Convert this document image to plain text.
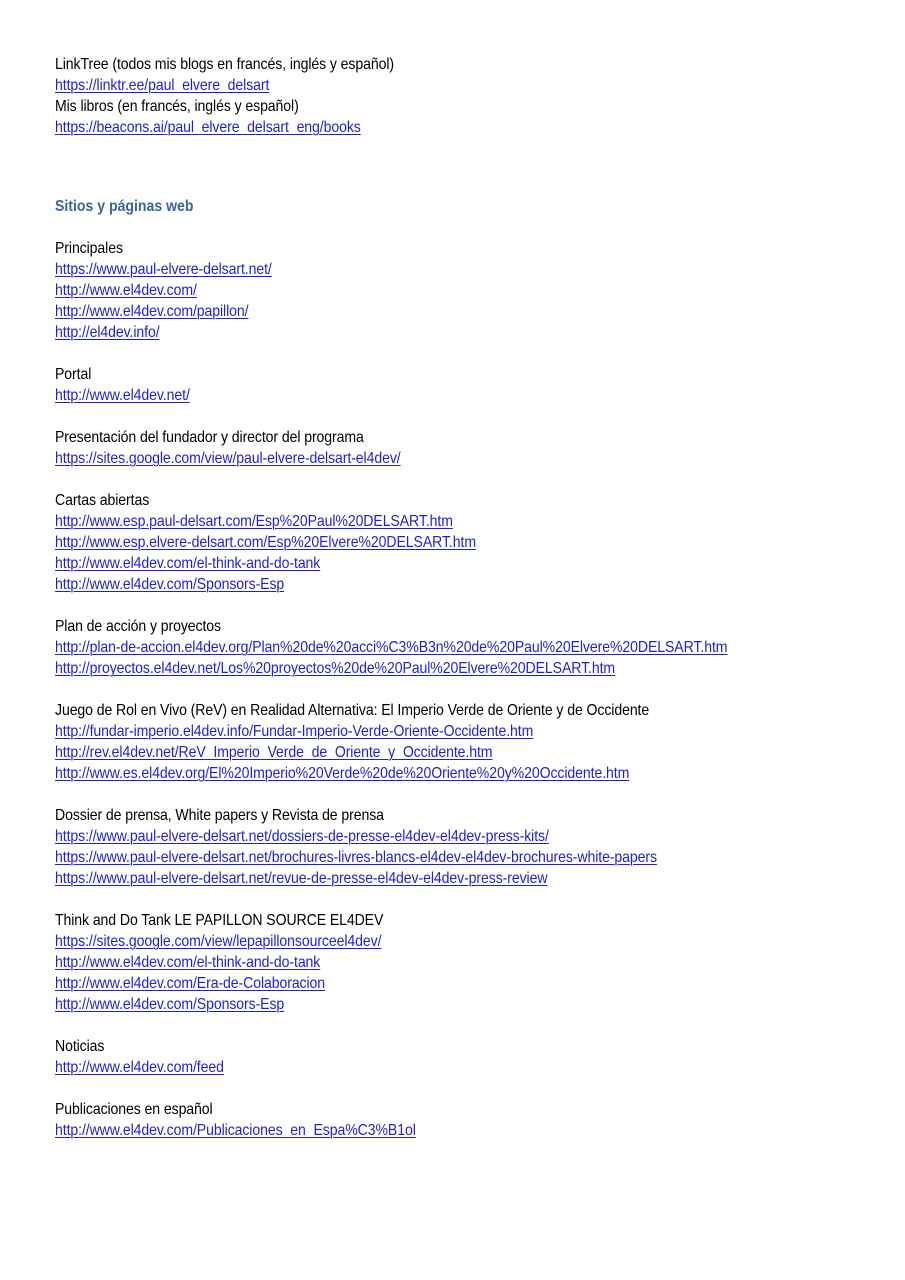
LinkTree (todos mis blogs en francés, inglés y español)
https://linktr.ee/paul_elvere_delsart
Mis libros (en francés, inglés y español)
https://beacons.ai/paul_elvere_delsart_eng/books
Sitios y páginas web
Principales
https://www.paul-elvere-delsart.net/
http://www.el4dev.com/
http://www.el4dev.com/papillon/
http://el4dev.info/
Portal
http://www.el4dev.net/
Presentación del fundador y director del programa
https://sites.google.com/view/paul-elvere-delsart-el4dev/
Cartas abiertas
http://www.esp.paul-delsart.com/Esp%20Paul%20DELSART.htm
http://www.esp.elvere-delsart.com/Esp%20Elvere%20DELSART.htm
http://www.el4dev.com/el-think-and-do-tank
http://www.el4dev.com/Sponsors-Esp
Plan de acción y proyectos
http://plan-de-accion.el4dev.org/Plan%20de%20acci%C3%B3n%20de%20Paul%20Elvere%20DELSART.htm
http://proyectos.el4dev.net/Los%20proyectos%20de%20Paul%20Elvere%20DELSART.htm
Juego de Rol en Vivo (ReV) en Realidad Alternativa: El Imperio Verde de Oriente y de Occidente
http://fundar-imperio.el4dev.info/Fundar-Imperio-Verde-Oriente-Occidente.htm
http://rev.el4dev.net/ReV_Imperio_Verde_de_Oriente_y_Occidente.htm
http://www.es.el4dev.org/El%20Imperio%20Verde%20de%20Oriente%20y%20Occidente.htm
Dossier de prensa, White papers y Revista de prensa
https://www.paul-elvere-delsart.net/dossiers-de-presse-el4dev-el4dev-press-kits/
https://www.paul-elvere-delsart.net/brochures-livres-blancs-el4dev-el4dev-brochures-white-papers
https://www.paul-elvere-delsart.net/revue-de-presse-el4dev-el4dev-press-review
Think and Do Tank LE PAPILLON SOURCE EL4DEV
https://sites.google.com/view/lepapillonsourceel4dev/
http://www.el4dev.com/el-think-and-do-tank
http://www.el4dev.com/Era-de-Colaboracion
http://www.el4dev.com/Sponsors-Esp
Noticias
http://www.el4dev.com/feed
Publicaciones en español
http://www.el4dev.com/Publicaciones_en_Espa%C3%B1ol
